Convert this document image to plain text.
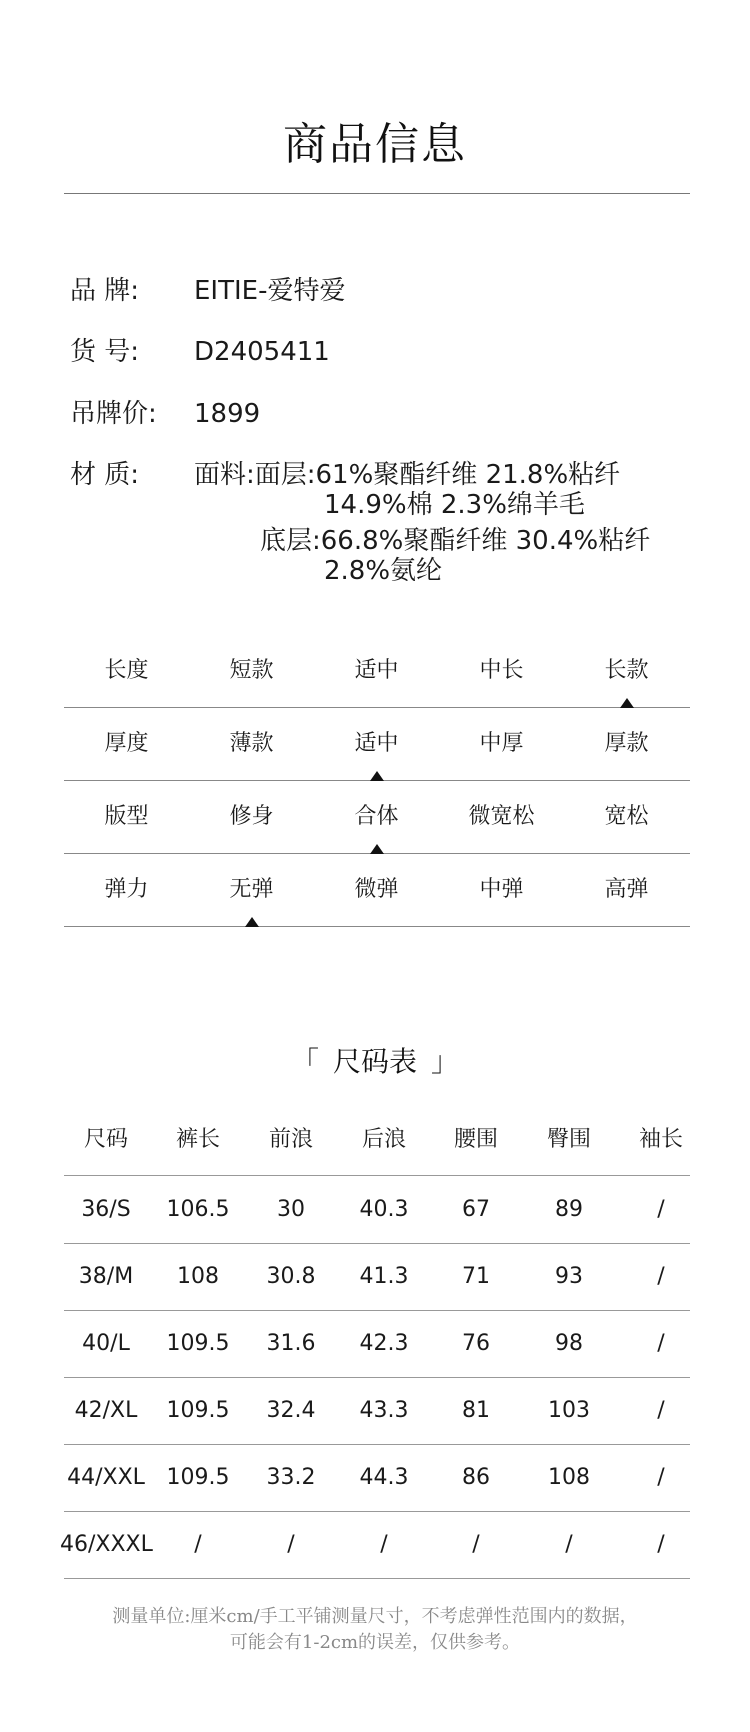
商品信息
品 牌: EITIE-爱特爱
货 号: D2405411
吊牌价: 1899
材 质: 面料:面层:61%聚酯纤维 21.8%粘纤
14.9%棉 2.3%绵羊毛
底层:66.8%聚酯纤维 30.4%粘纤
2.8%氨纶
长度	短款	适中	中长	长款
厚度	薄款	适中	中厚	厚款
版型	修身	合体	微宽松	宽松
弹力	无弹	微弹	中弹	高弹
「 尺码表 」
尺码	裤长	前浪	后浪	腰围	臀围	袖长
36/S	106.5	30	40.3	67	89	/
38/M	108	30.8	41.3	71	93	/
40/L	109.5	31.6	42.3	76	98	/
42/XL	109.5	32.4	43.3	81	103	/
44/XXL 109.5	33.2	44.3	86	108	/
46/XXXL	/	/	/	/	/	/
测量单位:厘米cm/手工平铺测量尺寸，不考虑弹性范围内的数据，
可能会有1-2cm的误差，仅供参考。
